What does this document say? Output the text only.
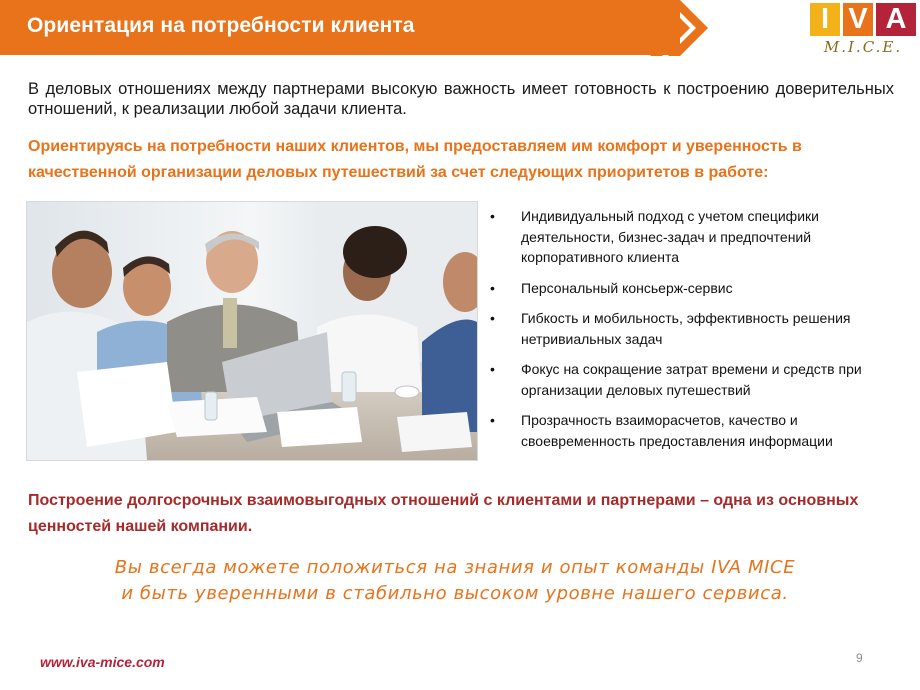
Ориентация на потребности клиента	I V A
M.I.C.E.
В деловых отношениях между партнерами высокую важность имеет готовность к построению доверительных отношений, к реализации любой задачи клиента.
Ориентируясь на потребности наших клиентов, мы предоставляем им комфорт и уверенность в качественной организации деловых путешествий за счет следующих приоритетов в работе:
• Индивидуальный подход с учетом специфики деятельности, бизнес-задач и предпочтений корпоративного клиента
• Персональный консьерж-сервис
• Гибкость и мобильность, эффективность решения нетривиальных задач
• Фокус на сокращение затрат времени и средств при организации деловых путешествий
• Прозрачность взаиморасчетов, качество и своевременность предоставления информации
Построение долгосрочных взаимовыгодных отношений с клиентами и партнерами – одна из основных ценностей нашей компании.
Вы всегда можете положиться на знания и опыт команды IVA MICE
и быть уверенными в стабильно высоком уровне нашего сервиса.
www.iva-mice.com	9
